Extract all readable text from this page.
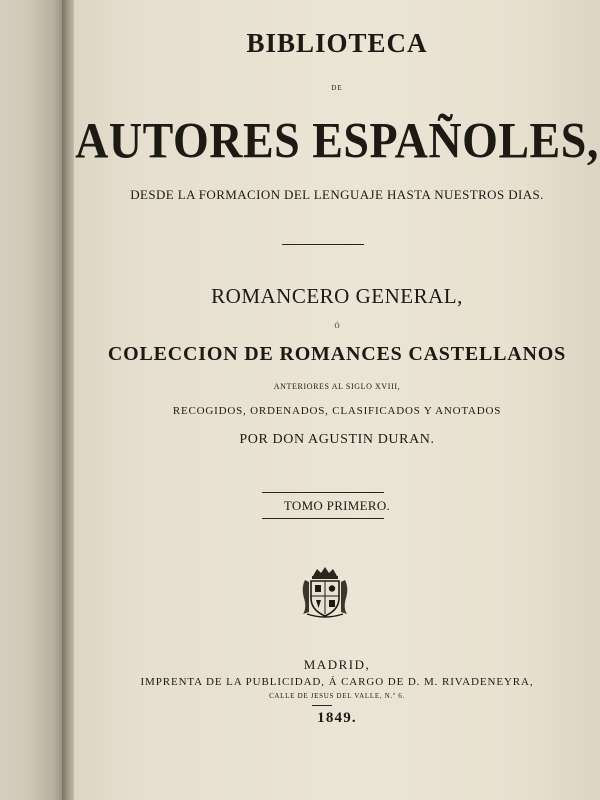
BIBLIOTECA

DE

AUTORES ESPAÑOLES,

DESDE LA FORMACION DEL LENGUAJE HASTA NUESTROS DIAS.

ROMANCERO GENERAL,

Ó

COLECCION DE ROMANCES CASTELLANOS

ANTERIORES AL SIGLO XVIII,

RECOGIDOS, ORDENADOS, CLASIFICADOS Y ANOTADOS

POR DON AGUSTIN DURAN.

TOMO PRIMERO.

MADRID,

IMPRENTA DE LA PUBLICIDAD, Á CARGO DE D. M. RIVADENEYRA,

CALLE DE JESUS DEL VALLE, N.º 6.

1849.
